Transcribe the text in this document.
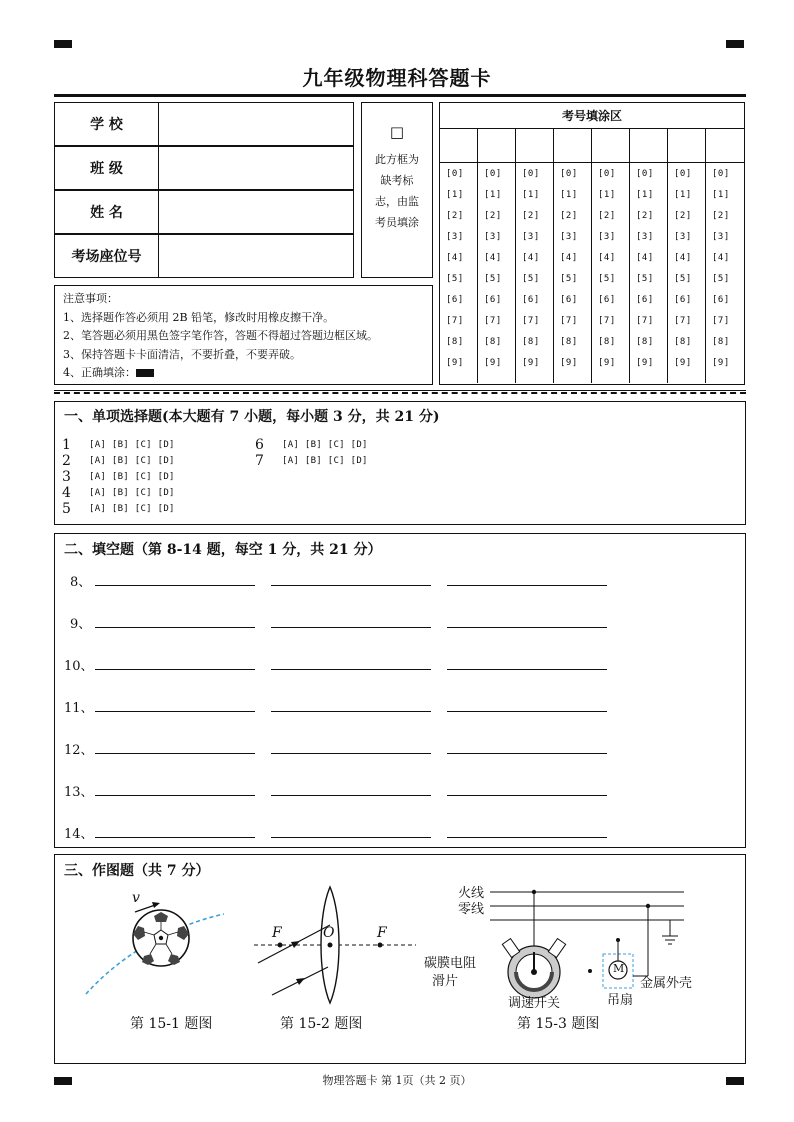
九年级物理科答题卡
学 校
班 级
姓 名
考场座位号
□
此方框为
缺考标
志，由监
考员填涂
注意事项：
1、选择题作答必须用 2B 铅笔，修改时用橡皮擦干净。
2、笔答题必须用黑色签字笔作答，答题不得超过答题边框区域。
3、保持答题卡卡面清洁，不要折叠，不要弄破。
4、正确填涂：
考号填涂区
[0]
[1]
[2]
[3]
[4]
[5]
[6]
[7]
[8]
[9]
[0]
[1]
[2]
[3]
[4]
[5]
[6]
[7]
[8]
[9]
[0]
[1]
[2]
[3]
[4]
[5]
[6]
[7]
[8]
[9]
[0]
[1]
[2]
[3]
[4]
[5]
[6]
[7]
[8]
[9]
[0]
[1]
[2]
[3]
[4]
[5]
[6]
[7]
[8]
[9]
[0]
[1]
[2]
[3]
[4]
[5]
[6]
[7]
[8]
[9]
[0]
[1]
[2]
[3]
[4]
[5]
[6]
[7]
[8]
[9]
[0]
[1]
[2]
[3]
[4]
[5]
[6]
[7]
[8]
[9]
一、单项选择题(本大题有 7 小题，每小题 3 分，共 21 分)
1 [A] [B] [C] [D]
2 [A] [B] [C] [D]
3 [A] [B] [C] [D]
4 [A] [B] [C] [D]
5 [A] [B] [C] [D]
6 [A] [B] [C] [D]
7 [A] [B] [C] [D]
二、填空题（第 8-14 题，每空 1 分，共 21 分）
8、
9、
10、
11、
12、
13、
14、
三、作图题（共 7 分）
v
第 15-1 题图
F	O	F
第 15-2 题图
火线
零线
碳膜电阻
滑片
调速开关
M
吊扇
金属外壳
第 15-3 题图
物理答题卡 第 1页（共 2 页）
